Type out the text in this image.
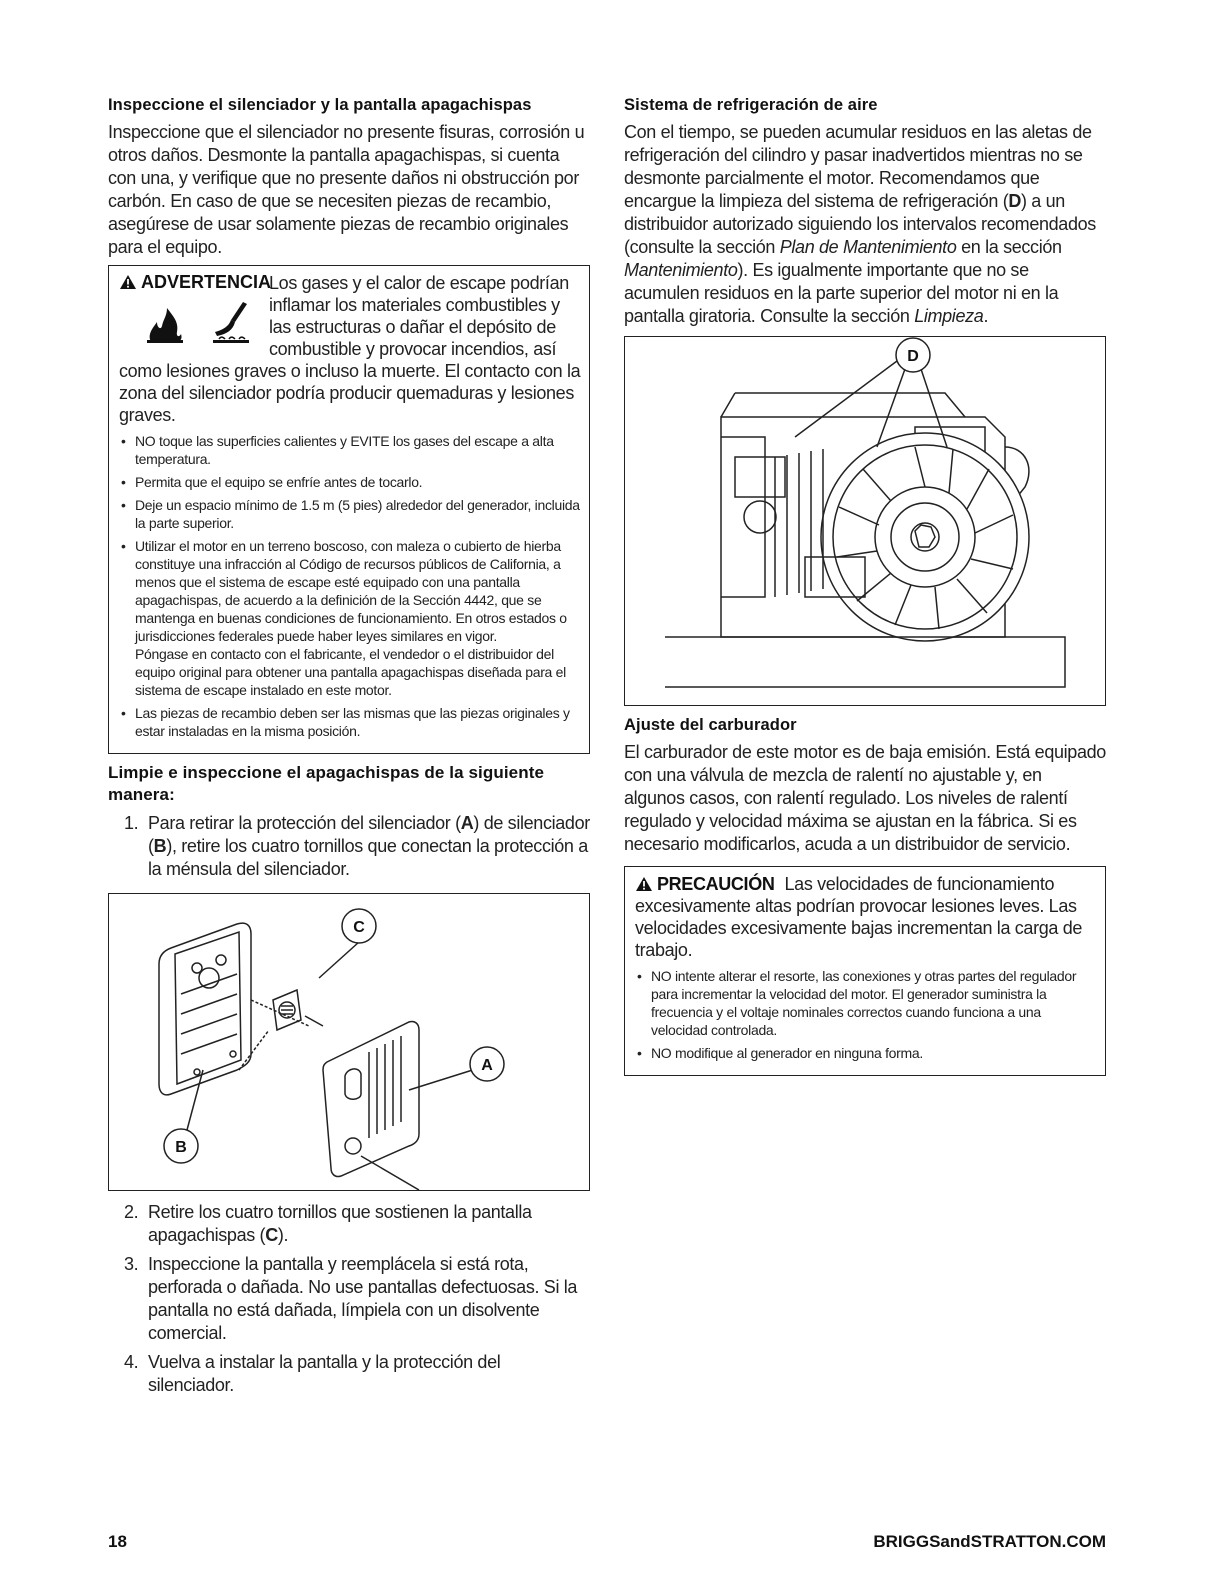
Inspeccione el silenciador y la pantalla apagachispas

Inspeccione que el silenciador no presente fisuras, corrosión u otros daños. Desmonte la pantalla apagachispas, si cuenta con una, y verifique que no presente daños ni obstrucción por carbón. En caso de que se necesiten piezas de recambio, asegúrese de usar solamente piezas de recambio originales para el equipo.

ADVERTENCIA
Los gases y el calor de escape podrían inflamar los materiales combustibles y las estructuras o dañar el depósito de combustible y provocar incendios, así como lesiones graves o incluso la muerte. El contacto con la zona del silenciador podría producir quemaduras y lesiones graves.
• NO toque las superficies calientes y EVITE los gases del escape a alta temperatura.
• Permita que el equipo se enfríe antes de tocarlo.
• Deje un espacio mínimo de 1.5 m (5 pies) alrededor del generador, incluida la parte superior.
• Utilizar el motor en un terreno boscoso, con maleza o cubierto de hierba constituye una infracción al Código de recursos públicos de California, a menos que el sistema de escape esté equipado con una pantalla apagachispas, de acuerdo a la definición de la Sección 4442, que se mantenga en buenas condiciones de funcionamiento. En otros estados o jurisdicciones federales puede haber leyes similares en vigor.
Póngase en contacto con el fabricante, el vendedor o el distribuidor del equipo original para obtener una pantalla apagachispas diseñada para el sistema de escape instalado en este motor.
• Las piezas de recambio deben ser las mismas que las piezas originales y estar instaladas en la misma posición.
Limpie e inspeccione el apagachispas de la siguiente manera:
1. Para retirar la protección del silenciador (A) de silenciador (B), retire los cuatro tornillos que conectan la protección a la ménsula del silenciador.
C
A
B
2. Retire los cuatro tornillos que sostienen la pantalla apagachispas (C).
3. Inspeccione la pantalla y reemplácela si está rota, perforada o dañada. No use pantallas defectuosas. Si la pantalla no está dañada, límpiela con un disolvente comercial.
4. Vuelva a instalar la pantalla y la protección del silenciador.
Sistema de refrigeración de aire

Con el tiempo, se pueden acumular residuos en las aletas de refrigeración del cilindro y pasar inadvertidos mientras no se desmonte parcialmente el motor. Recomendamos que encargue la limpieza del sistema de refrigeración (D) a un distribuidor autorizado siguiendo los intervalos recomendados (consulte la sección Plan de Mantenimiento en la sección Mantenimiento). Es igualmente importante que no se acumulen residuos en la parte superior del motor ni en la pantalla giratoria. Consulte la sección Limpieza.

D
Ajuste del carburador

El carburador de este motor es de baja emisión. Está equipado con una válvula de mezcla de ralentí no ajustable y, en algunos casos, con ralentí regulado. Los niveles de ralentí regulado y velocidad máxima se ajustan en la fábrica. Si es necesario modificarlos, acuda a un distribuidor de servicio.

PRECAUCIÓN Las velocidades de funcionamiento excesivamente altas podrían provocar lesiones leves. Las velocidades excesivamente bajas incrementan la carga de trabajo.
• NO intente alterar el resorte, las conexiones y otras partes del regulador para incrementar la velocidad del motor. El generador suministra la frecuencia y el voltaje nominales correctos cuando funciona a una velocidad controlada.
• NO modifique al generador en ninguna forma.
18	BRIGGSandSTRATTON.COM
